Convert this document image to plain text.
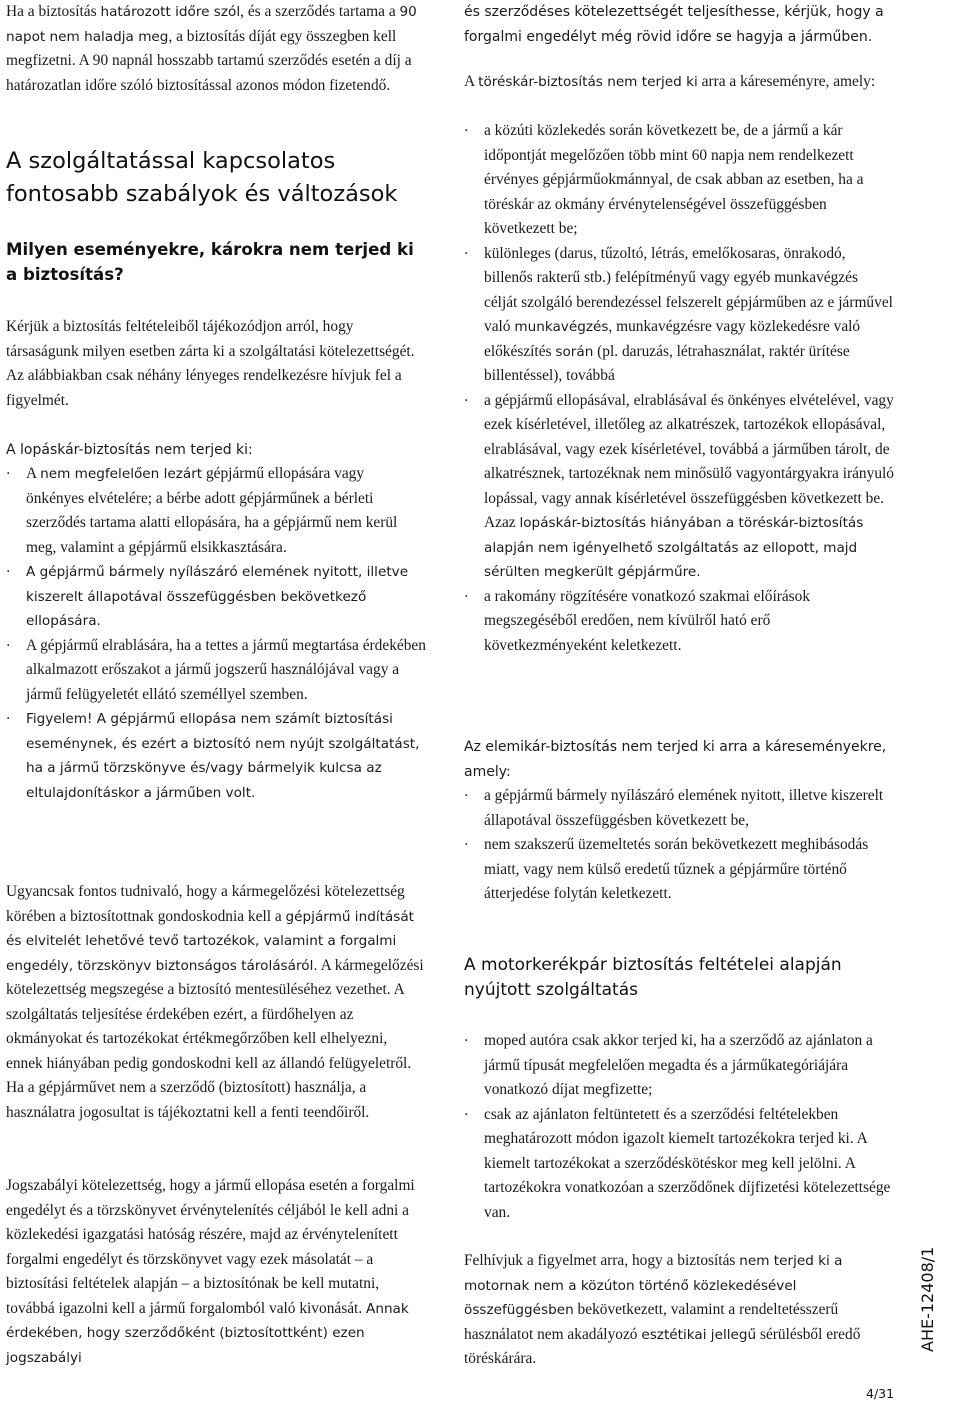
Ha a biztosítás határozott időre szól, és a szerződés tartama a 90 napot nem haladja meg, a biztosítás díját egy összegben kell megfizetni. A 90 napnál hosszabb tartamú szerződés esetén a díj a határozatlan időre szóló biztosítással azonos módon fizetendő.

A szolgáltatással kapcsolatos fontosabb szabályok és változások
Milyen eseményekre, károkra nem terjed ki a biztosítás?

Kérjük a biztosítás feltételeiből tájékozódjon arról, hogy társaságunk milyen esetben zárta ki a szolgáltatási kötelezettségét. Az alábbiakban csak néhány lényeges rendelkezésre hívjuk fel a figyelmét.

A lopáskár-biztosítás nem terjed ki:

· A nem megfelelően lezárt gépjármű ellopására vagy önkényes elvételére; a bérbe adott gépjárműnek a bérleti szerződés tartama alatti ellopására, ha a gépjármű nem kerül meg, valamint a gépjármű elsikkasztására.
· A gépjármű bármely nyílászáró elemének nyitott, illetve kiszerelt állapotával összefüggésben bekövetkező ellopására.
· A gépjármű elrablására, ha a tettes a jármű megtartása érdekében alkalmazott erőszakot a jármű jogszerű használójával vagy a jármű felügyeletét ellátó személlyel szemben.
· Figyelem! A gépjármű ellopása nem számít biztosítási eseménynek, és ezért a biztosító nem nyújt szolgáltatást, ha a jármű törzskönyve és/vagy bármelyik kulcsa az eltulajdonításkor a járműben volt.

Ugyancsak fontos tudnivaló, hogy a kármegelőzési kötelezettség körében a biztosítottnak gondoskodnia kell a gépjármű indítását és elvitelét lehetővé tevő tartozékok, valamint a forgalmi engedély, törzskönyv biztonságos tárolásáról. A kármegelőzési kötelezettség megszegése a biztosító mentesüléséhez vezethet. A szolgáltatás teljesítése érdekében ezért, a fürdőhelyen az okmányokat és tartozékokat értékmegőrzőben kell elhelyezni, ennek hiányában pedig gondoskodni kell az állandó felügyeletről. Ha a gépjárművet nem a szerződő (biztosított) használja, a használatra jogosultat is tájékoztatni kell a fenti teendőiről.

Jogszabályi kötelezettség, hogy a jármű ellopása esetén a forgalmi engedélyt és a törzskönyvet érvénytelenítés céljából le kell adni a közlekedési igazgatási hatóság részére, majd az érvénytelenített forgalmi engedélyt és törzskönyvet vagy ezek másolatát – a biztosítási feltételek alapján – a biztosítónak be kell mutatni, továbbá igazolni kell a jármű forgalomból való kivonását. Annak érdekében, hogy szerződőként (biztosítottként) ezen jogszabályi

és szerződéses kötelezettségét teljesíthesse, kérjük, hogy a forgalmi engedélyt még rövid időre se hagyja a járműben.

A töréskár-biztosítás nem terjed ki arra a káreseményre, amely:

· a közúti közlekedés során következett be, de a jármű a kár időpontját megelőzően több mint 60 napja nem rendelkezett érvényes gépjárműokmánnyal, de csak abban az esetben, ha a töréskár az okmány érvénytelenségével összefüggésben következett be;
· különleges (darus, tűzoltó, létrás, emelőkosaras, önrakodó, billenős rakterű stb.) felépítményű vagy egyéb munkavégzés célját szolgáló berendezéssel felszerelt gépjárműben az e járművel való munkavégzés, munkavégzésre vagy közlekedésre való előkészítés során (pl. daruzás, létrahasználat, raktér ürítése billentéssel), továbbá
· a gépjármű ellopásával, elrablásával és önkényes elvételével, vagy ezek kísérletével, illetőleg az alkatrészek, tartozékok ellopásával, elrablásával, vagy ezek kísérletével, továbbá a járműben tárolt, de alkatrésznek, tartozéknak nem minősülő vagyontárgyakra irányuló lopással, vagy annak kísérletével összefüggésben következett be. Azaz lopáskár-biztosítás hiányában a töréskár-biztosítás alapján nem igényelhető szolgáltatás az ellopott, majd sérülten megkerült gépjárműre.
· a rakomány rögzítésére vonatkozó szakmai előírások megszegéséből eredően, nem kívülről ható erő következményeként keletkezett.

Az elemikár-biztosítás nem terjed ki arra a káreseményekre, amely:

· a gépjármű bármely nyílászáró elemének nyitott, illetve kiszerelt állapotával összefüggésben következett be,
· nem szakszerű üzemeltetés során bekövetkezett meghibásodás miatt, vagy nem külső eredetű tűznek a gépjárműre történő átterjedése folytán keletkezett.
A motorkerékpár biztosítás feltételei alapján nyújtott szolgáltatás
· moped autóra csak akkor terjed ki, ha a szerződő az ajánlaton a jármű típusát megfelelően megadta és a járműkategóriájára vonatkozó díjat megfizette;
· csak az ajánlaton feltüntetett és a szerződési feltételekben meghatározott módon igazolt kiemelt tartozékokra terjed ki. A kiemelt tartozékokat a szerződéskötéskor meg kell jelölni. A tartozékokra vonatkozóan a szerződőnek díjfizetési kötelezettsége van.

Felhívjuk a figyelmet arra, hogy a biztosítás nem terjed ki a motornak nem a közúton történő közlekedésével összefüggésben bekövetkezett, valamint a rendeltetésszerű használatot nem akadályozó esztétikai jellegű sérülésből eredő töréskárára.

AHE-12408/1
4/31
